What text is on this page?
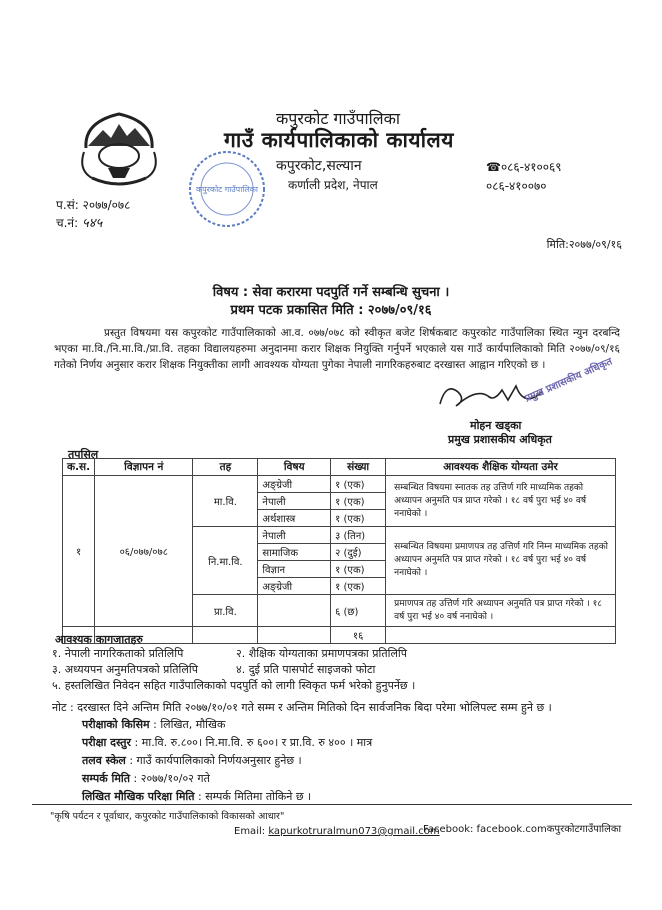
कपुरकोट गाउँपालिका
कपुरकोट गाउँपालिका
गाउँ कार्यपालिकाको कार्यालय
कपुरकोट,सल्यान
कर्णाली प्रदेश, नेपाल
☎०८६-४१००६९
०८६-४१००७०
प.सं: २०७७/०७८
च.नं: ५४५
मिति:२०७७/०९/१६
विषय : सेवा करारमा पदपुर्ति गर्ने सम्बन्धि सुचना ।
प्रथम पटक प्रकासित मिति : २०७७/०९/१६
प्रस्तुत विषयमा यस कपुरकोट गाउँपालिकाको आ.व. ०७७/०७८ को स्वीकृत बजेट शिर्षकबाट कपुरकोट गाउँपालिका स्थित न्युन दरबन्दि भएका मा.वि./नि.मा.वि./प्रा.वि. तहका विद्यालयहरुमा अनुदानमा करार शिक्षक नियुक्ति गर्नुपर्ने भएकाले यस गाउँ कार्यपालिकाको मिति २०७७/०९/१६ गतेको निर्णय अनुसार करार शिक्षक नियुक्तीका लागी आवश्यक योग्यता पुगेका नेपाली नागरिकहरुबाट दरखास्त आह्वान गरिएको छ ।
प्रमुख प्रशासकीय अधिकृत
मोहन खड्का
प्रमुख प्रशासकीय अधिकृत
तपसिल
क.स.	विज्ञापन नं	तह	विषय	संख्या	आवश्यक शैक्षिक योग्यता उमेर
१	०६/०७७/०७८	मा.वि.	अङ्ग्रेजी	१ (एक)	सम्बन्धित विषयमा स्नातक तह उत्तिर्ण गरि माध्यमिक तहको अध्यापन अनुमति पत्र प्राप्त गरेको । १८ वर्ष पुरा भई ४० वर्ष ननाघेको ।
			नेपाली	१ (एक)	
			अर्थशास्त्र	१ (एक)	
		नि.मा.वि.	नेपाली	३ (तिन)	सम्बन्धित विषयमा प्रमाणपत्र तह उत्तिर्ण गरि निम्न माध्यमिक तहको अध्यापन अनुमति पत्र प्राप्त गरेको । १८ वर्ष पुरा भई ४० वर्ष ननाघेको ।
			सामाजिक	२ (दुई)	
			विज्ञान	१ (एक)	
			अङ्ग्रेजी	१ (एक)	
		प्रा.वि.		६ (छ)	प्रमाणपत्र तह उत्तिर्ण गरि अध्यापन अनुमति पत्र प्राप्त गरेको । १८ वर्ष पुरा भई ४० वर्ष ननाघेको ।
				१६	
आवश्यक कागजातहरु
१. नेपाली नागरिकताको प्रतिलिपि	२. शैक्षिक योग्यताका प्रमाणपत्रका प्रतिलिपि
३. अध्ययपन अनुमतिपत्रको प्रतिलिपि	४. दुई प्रति पासपोर्ट साइजको फोटा
५. हस्तलिखित निवेदन सहित गाउँपालिकाको पदपुर्ति को लागी स्विकृत फर्म भरेको हुनुपर्नेछ ।
नोट : दरखास्त दिने अन्तिम मिति २०७७/१०/०१ गते सम्म र अन्तिम मितिको दिन सार्वजनिक बिदा परेमा भोलिपल्ट सम्म हुने छ ।
परीक्षाको किसिम : लिखित, मौखिक
परीक्षा दस्तुर : मा.वि. रु.८००। नि.मा.वि. रु ६००। र प्रा.वि. रु ४०० । मात्र
तलव स्केल : गाउँ कार्यपालिकाको निर्णयअनुसार हुनेछ ।
सम्पर्क मिति : २०७७/१०/०२ गते
लिखित मौखिक परिक्षा मिति : सम्पर्क मितिमा तोकिने छ ।
"कृषि पर्यटन र पूर्वाधार, कपुरकोट गाउँपालिकाको विकासको आधार"
Email: kapurkotruralmun073@gmail.com
Facebook: facebook.comकपुरकोटगाउँपालिका
